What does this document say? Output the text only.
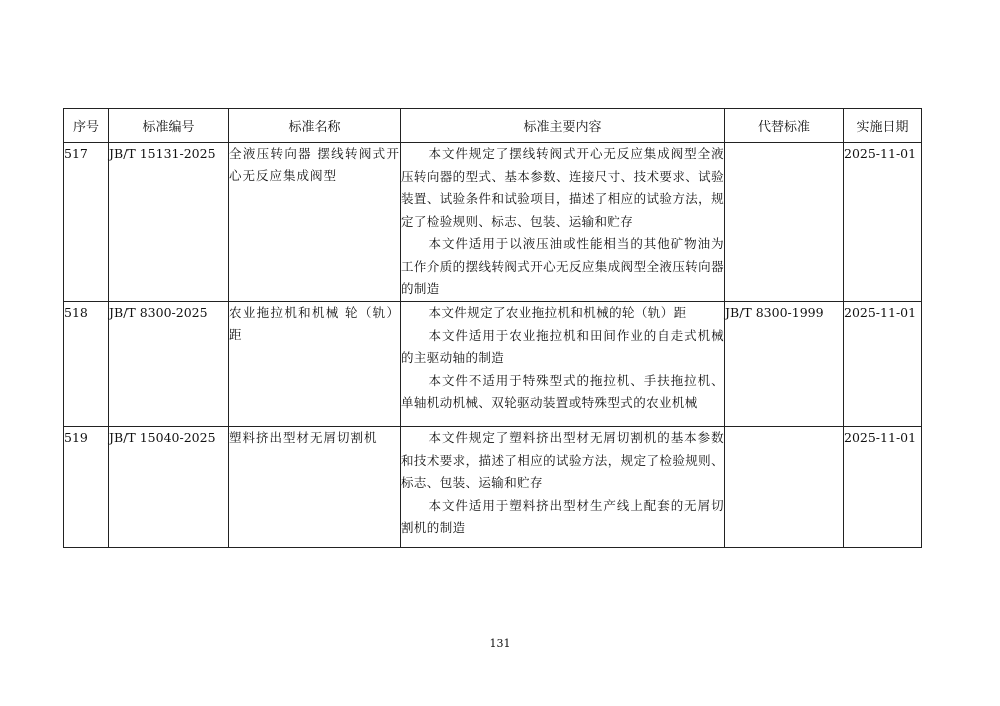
序号	标准编号	标准名称	标准主要内容	代替标准	实施日期
517	JB/T 15131-2025	全液压转向器 摆线转阀式开心无反应集成阀型	本文件规定了摆线转阀式开心无反应集成阀型全液压转向器的型式、基本参数、连接尺寸、技术要求、试验装置、试验条件和试验项目，描述了相应的试验方法，规定了检验规则、标志、包装、运输和贮存

本文件适用于以液压油或性能相当的其他矿物油为工作介质的摆线转阀式开心无反应集成阀型全液压转向器的制造		2025-11-01
518	JB/T 8300-2025	农业拖拉机和机械 轮（轨）距	本文件规定了农业拖拉机和机械的轮（轨）距

本文件适用于农业拖拉机和田间作业的自走式机械的主驱动轴的制造

本文件不适用于特殊型式的拖拉机、手扶拖拉机、单轴机动机械、双轮驱动装置或特殊型式的农业机械	JB/T 8300-1999	2025-11-01
519	JB/T 15040-2025	塑料挤出型材无屑切割机	本文件规定了塑料挤出型材无屑切割机的基本参数和技术要求，描述了相应的试验方法，规定了检验规则、标志、包装、运输和贮存

本文件适用于塑料挤出型材生产线上配套的无屑切割机的制造		2025-11-01
131
